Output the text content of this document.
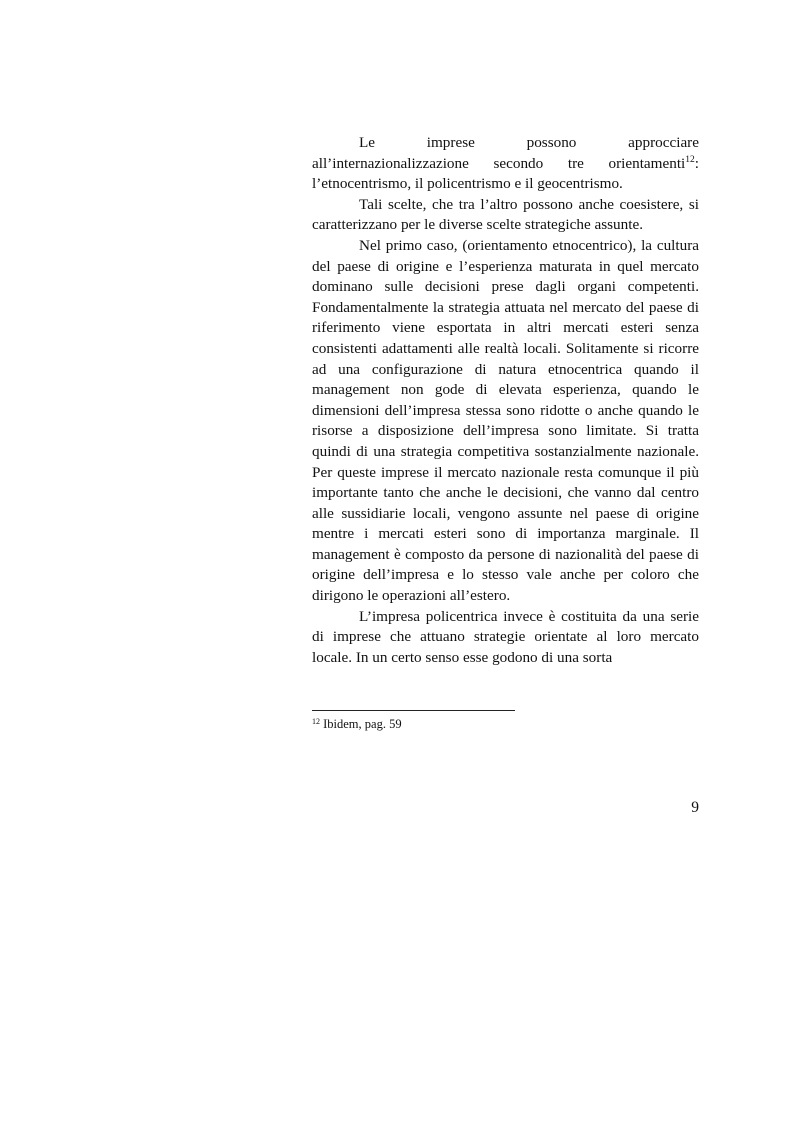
Le imprese possono approcciare all’internazionalizzazione secondo tre orientamenti$^{12}$: l’etnocentrismo, il policentrismo e il geocentrismo.

Tali scelte, che tra l’altro possono anche coesistere, si caratterizzano per le diverse scelte strategiche assunte.

Nel primo caso, (orientamento etnocentrico), la cultura del paese di origine e l’esperienza maturata in quel mercato dominano sulle decisioni prese dagli organi competenti. Fondamentalmente la strategia attuata nel mercato del paese di riferimento viene esportata in altri mercati esteri senza consistenti adattamenti alle realtà locali. Solitamente si ricorre ad una configurazione di natura etnocentrica quando il management non gode di elevata esperienza, quando le dimensioni dell’impresa stessa sono ridotte o anche quando le risorse a disposizione dell’impresa sono limitate. Si tratta quindi di una strategia competitiva sostanzialmente nazionale. Per queste imprese il mercato nazionale resta comunque il più importante tanto che anche le decisioni, che vanno dal centro alle sussidiarie locali, vengono assunte nel paese di origine mentre i mercati esteri sono di importanza marginale. Il management è composto da persone di nazionalità del paese di origine dell’impresa e lo stesso vale anche per coloro che dirigono le operazioni all’estero.

L’impresa policentrica invece è costituita da una serie di imprese che attuano strategie orientate al loro mercato locale. In un certo senso esse godono di una sorta

$^{12}$ Ibidem, pag. 59
9
